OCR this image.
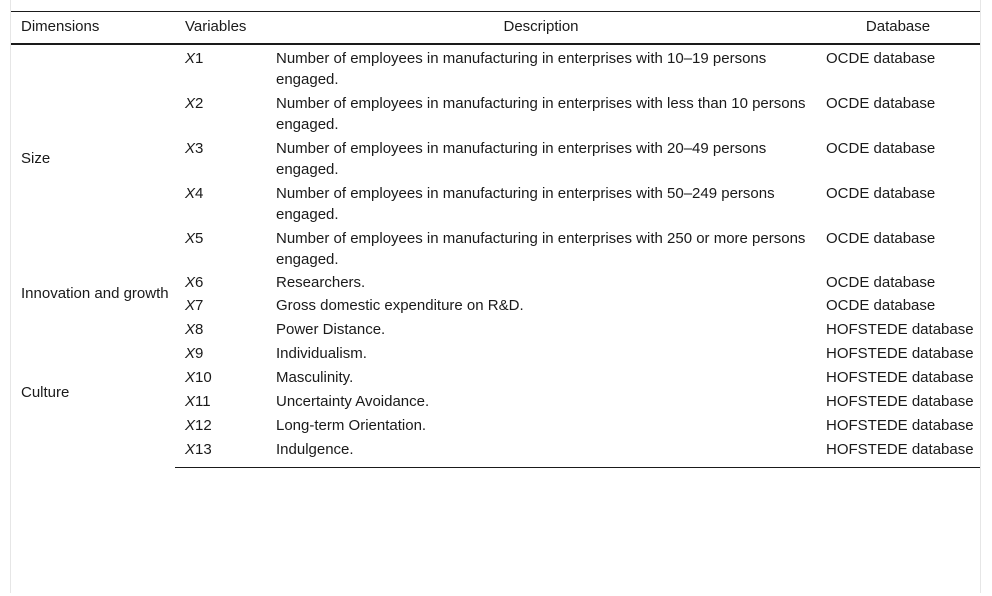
Dimensions	Variables	Description	Database
Size	X1	Number of employees in manufacturing in enterprises with 10–19 persons engaged.	OCDE database
	X2	Number of employees in manufacturing in enterprises with less than 10 persons engaged.	OCDE database
	X3	Number of employees in manufacturing in enterprises with 20–49 persons engaged.	OCDE database
	X4	Number of employees in manufacturing in enterprises with 50–249 persons engaged.	OCDE database
	X5	Number of employees in manufacturing in enterprises with 250 or more persons engaged.	OCDE database
Innovation and growth	X6	Researchers.	OCDE database
	X7	Gross domestic expenditure on R&D.	OCDE database
Culture	X8	Power Distance.	HOFSTEDE database
	X9	Individualism.	HOFSTEDE database
	X10	Masculinity.	HOFSTEDE database
	X11	Uncertainty Avoidance.	HOFSTEDE database
	X12	Long-term Orientation.	HOFSTEDE database
	X13	Indulgence.	HOFSTEDE database
